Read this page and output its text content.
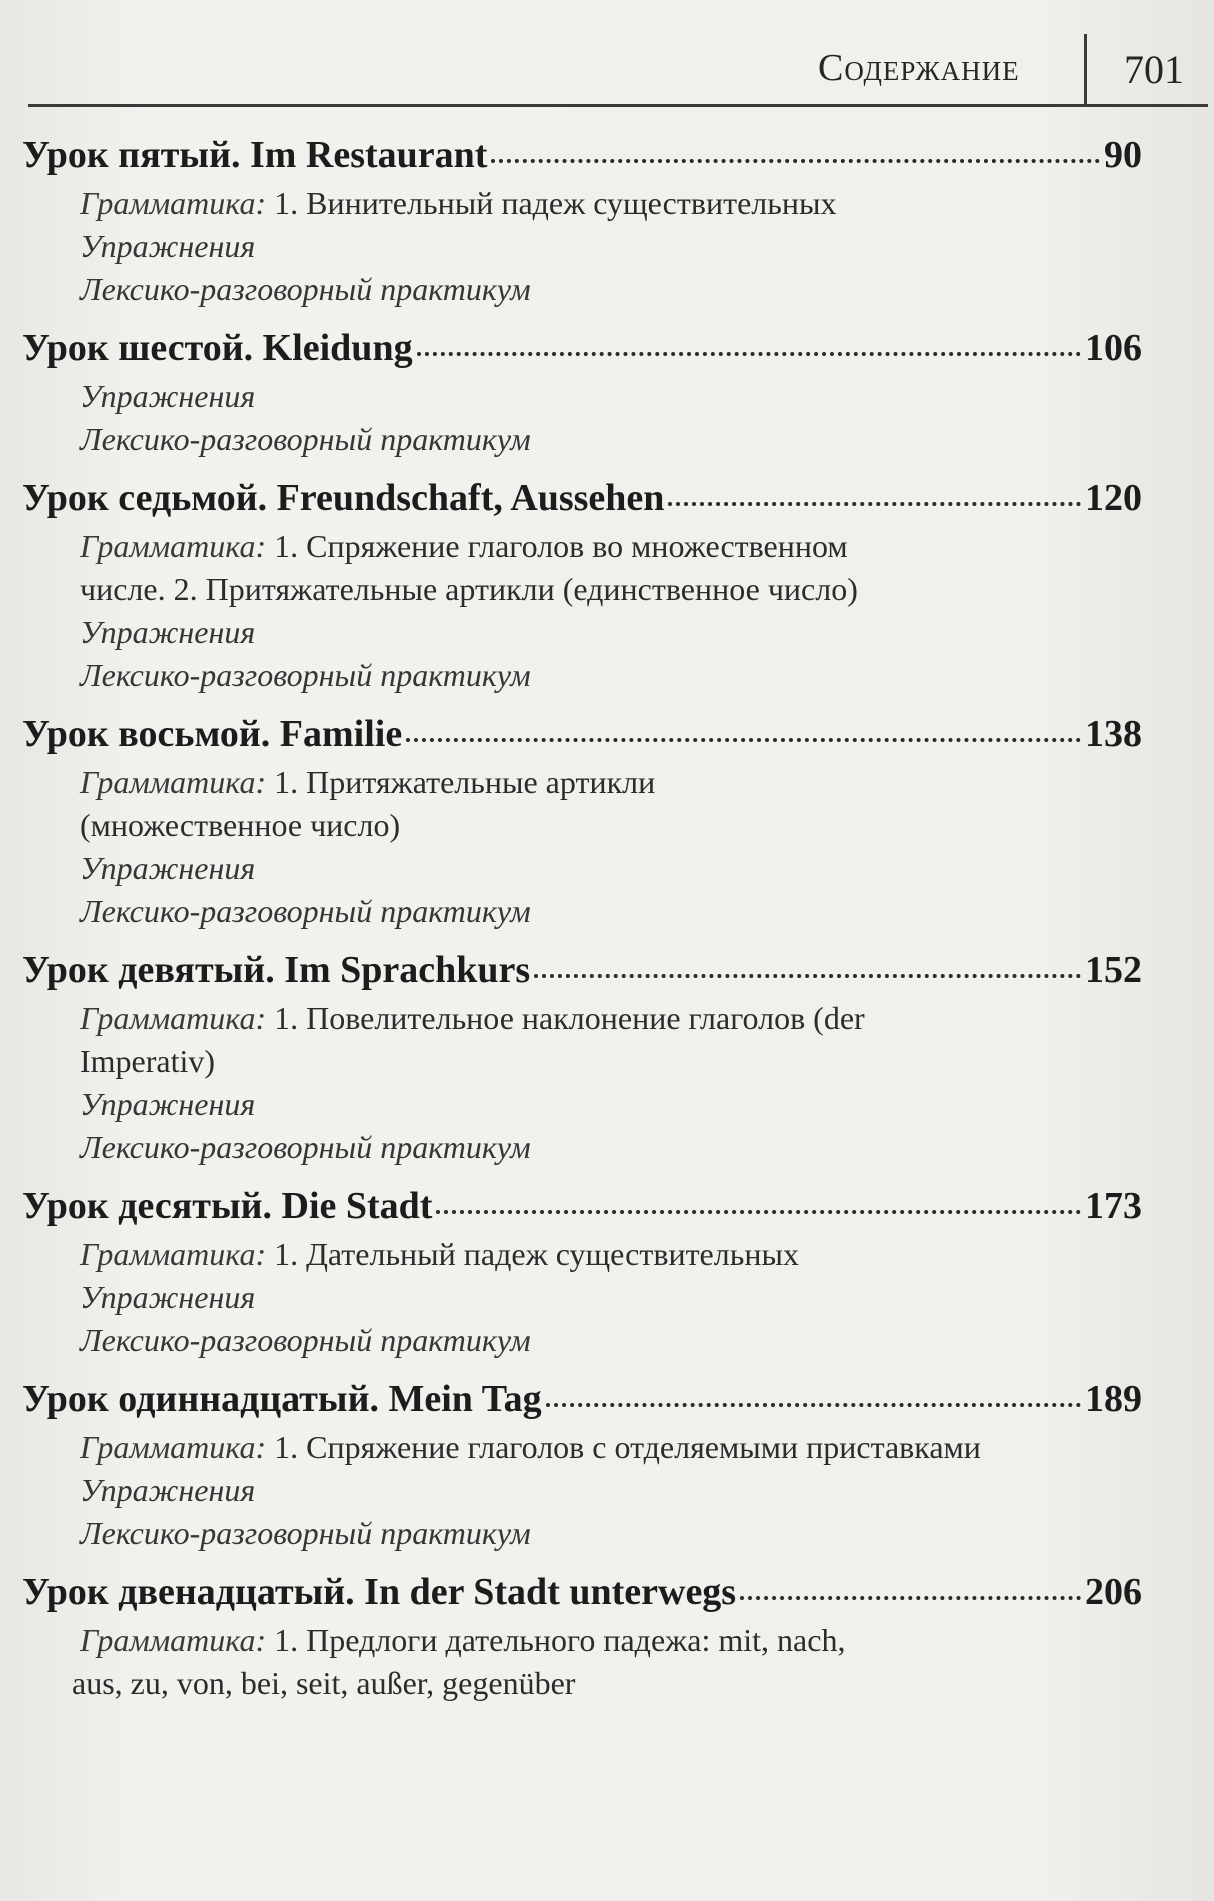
Содержание	701
Урок пятый. Im Restaurant	90
Грамматика: 1. Винительный падеж существительных
Упражнения
Лексико-разговорный практикум
Урок шестой. Kleidung	106
Упражнения
Лексико-разговорный практикум
Урок седьмой. Freundschaft, Aussehen	120
Грамматика: 1. Спряжение глаголов во множественном
числе. 2. Притяжательные артикли (единственное число)
Упражнения
Лексико-разговорный практикум
Урок восьмой. Familie	138
Грамматика: 1. Притяжательные артикли
(множественное число)
Упражнения
Лексико-разговорный практикум
Урок девятый. Im Sprachkurs	152
Грамматика: 1. Повелительное наклонение глаголов (der
Imperativ)
Упражнения
Лексико-разговорный практикум
Урок десятый. Die Stadt	173
Грамматика: 1. Дательный падеж существительных
Упражнения
Лексико-разговорный практикум
Урок одиннадцатый. Mein Tag	189
Грамматика: 1. Спряжение глаголов с отделяемыми приставками
Упражнения
Лексико-разговорный практикум
Урок двенадцатый. In der Stadt unterwegs	206
Грамматика: 1. Предлоги дательного падежа: mit, nach,
aus, zu, von, bei, seit, außer, gegenüber
